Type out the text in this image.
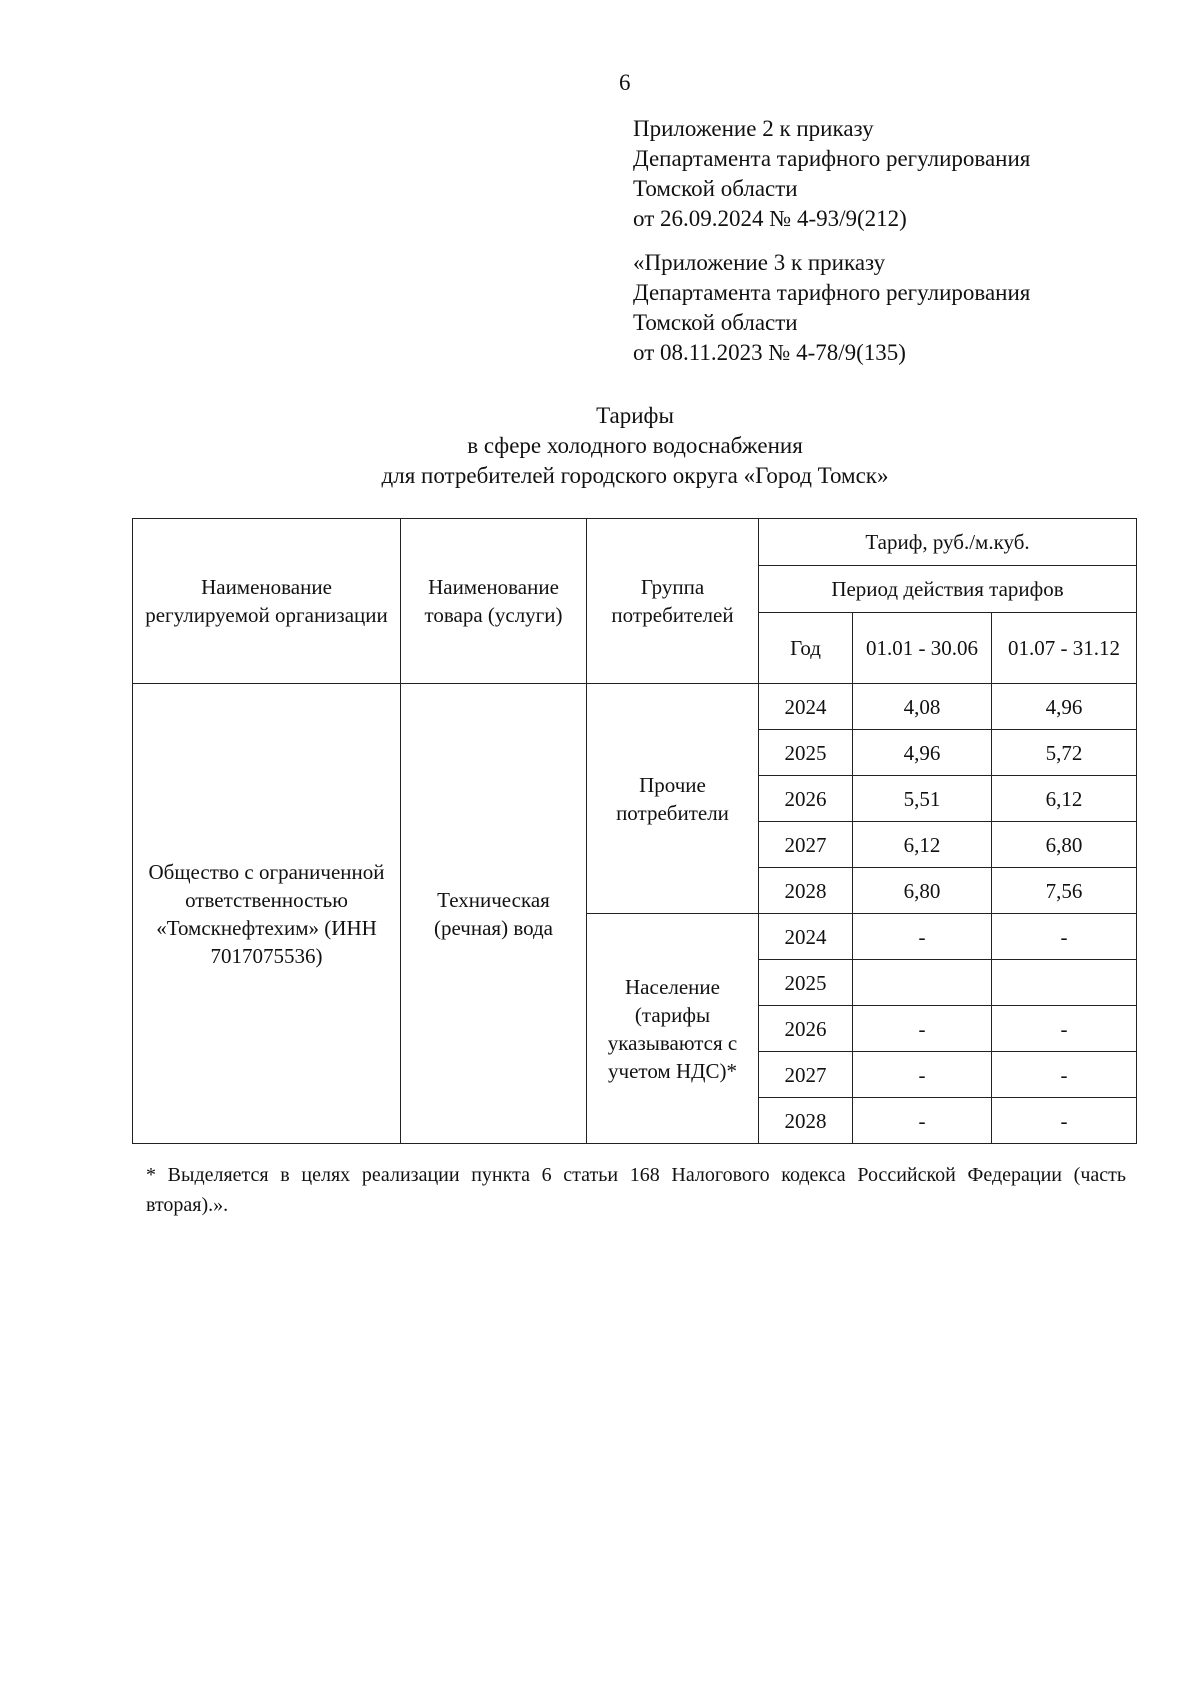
6
Приложение 2 к приказу
Департамента тарифного регулирования
Томской области
от 26.09.2024 № 4-93/9(212)
«Приложение 3 к приказу
Департамента тарифного регулирования
Томской области
от 08.11.2023 № 4-78/9(135)
Тарифы
в сфере холодного водоснабжения
для потребителей городского округа «Город Томск»
Наименование регулируемой организации	Наименование товара (услуги)	Группа потребителей	Тариф, руб./м.куб.		
			Период действия тарифов		
			Год	01.01 - 30.06	01.07 - 31.12
Общество с ограниченной ответственностью «Томскнефтехим» (ИНН 7017075536)	Техническая (речная) вода	Прочие потребители	2024	4,08	4,96
			2025	4,96	5,72
			2026	5,51	6,12
			2027	6,12	6,80
			2028	6,80	7,56
		Население (тарифы указываются с учетом НДС)*	2024	-	-
			2025		
			2026	-	-
			2027	-	-
			2028	-	-
* Выделяется в целях реализации пункта 6 статьи 168 Налогового кодекса Российской Федерации (часть вторая).».
